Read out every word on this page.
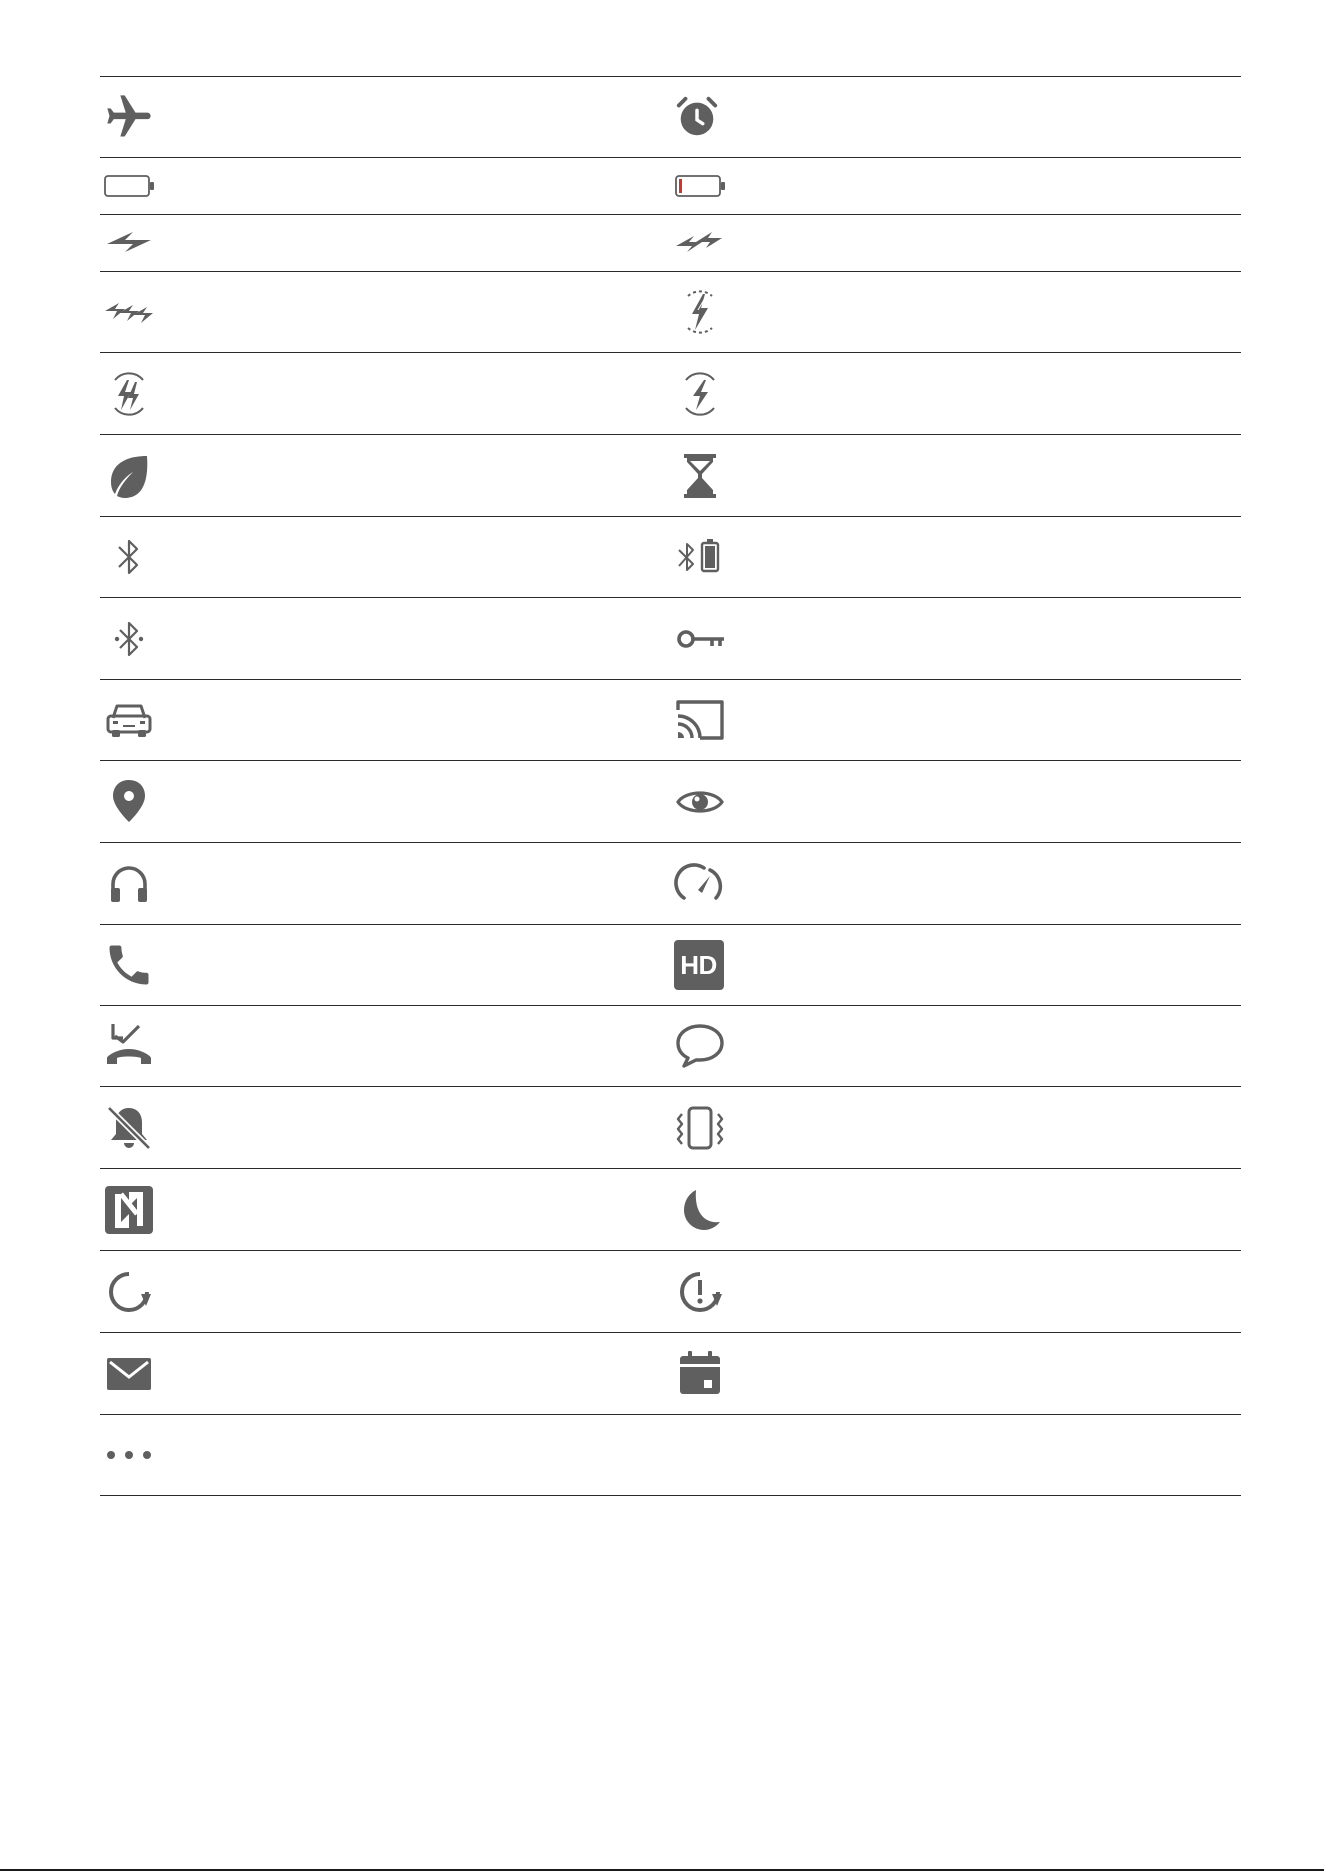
HD
